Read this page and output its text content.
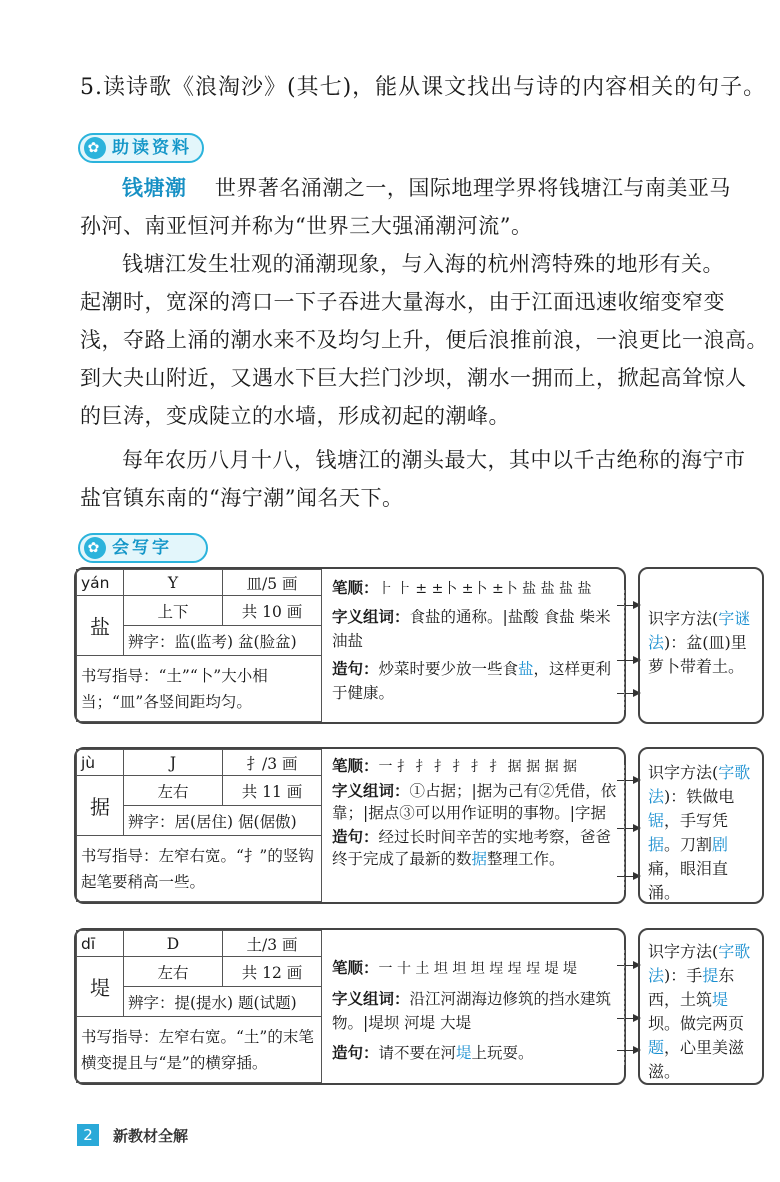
5.读诗歌《浪淘沙》(其七)，能从课文找出与诗的内容相关的句子。
✿ 助读资料
钱塘潮 世界著名涌潮之一，国际地理学界将钱塘江与南美亚马
孙河、南亚恒河并称为“世界三大强涌潮河流”。
钱塘江发生壮观的涌潮现象，与入海的杭州湾特殊的地形有关。
起潮时，宽深的湾口一下子吞进大量海水，由于江面迅速收缩变窄变
浅，夺路上涌的潮水来不及均匀上升，便后浪推前浪，一浪更比一浪高。
到大夬山附近，又遇水下巨大拦门沙坝，潮水一拥而上，掀起高耸惊人
的巨涛，变成陡立的水墙，形成初起的潮峰。
每年农历八月十八，钱塘江的潮头最大，其中以千古绝称的海宁市
盐官镇东南的“海宁潮”闻名天下。
✿ 会写字
yán	Y	皿/5 画
盐	上下	共 10 画
	辨字：监(监考) 盆(脸盆)	
书写指导：“土”“卜”大小相当；“皿”各竖间距均匀。		
笔顺：⺊ ⺊ ± ±卜 ±卜 ±卜 盐 盐 盐 盐
字义组词：食盐的通称。|盐酸 食盐 柴米油盐
造句：炒菜时要少放一些食盐，这样更利于健康。
识字方法(字谜法)：盆(皿)里萝卜带着土。
jù	J	扌/3 画
据	左右	共 11 画
	辨字：居(居住) 倨(倨傲)	
书写指导：左窄右宽。“扌”的竖钩起笔要稍高一些。		
笔顺：一 扌 扌 扌 扌 扌 扌 据 据 据 据
字义组词：①占据；|据为己有②凭借，依靠；|据点③可以用作证明的事物。|字据
造句：经过长时间辛苦的实地考察，爸爸终于完成了最新的数据整理工作。
识字方法(字歌法)：铁做电锯，手写凭据。刀割剧痛，眼泪直涌。
dī	D	土/3 画
堤	左右	共 12 画
	辨字：提(提水) 题(试题)	
书写指导：左窄右宽。“土”的末笔横变提且与“是”的横穿插。		
笔顺：一 十 土 坦 坦 坦 埕 埕 埕 堤 堤
字义组词：沿江河湖海边修筑的挡水建筑物。|堤坝 河堤 大堤
造句：请不要在河堤上玩耍。
识字方法(字歌法)：手提东西，土筑堤坝。做完两页题，心里美滋滋。
2	新教材全解
